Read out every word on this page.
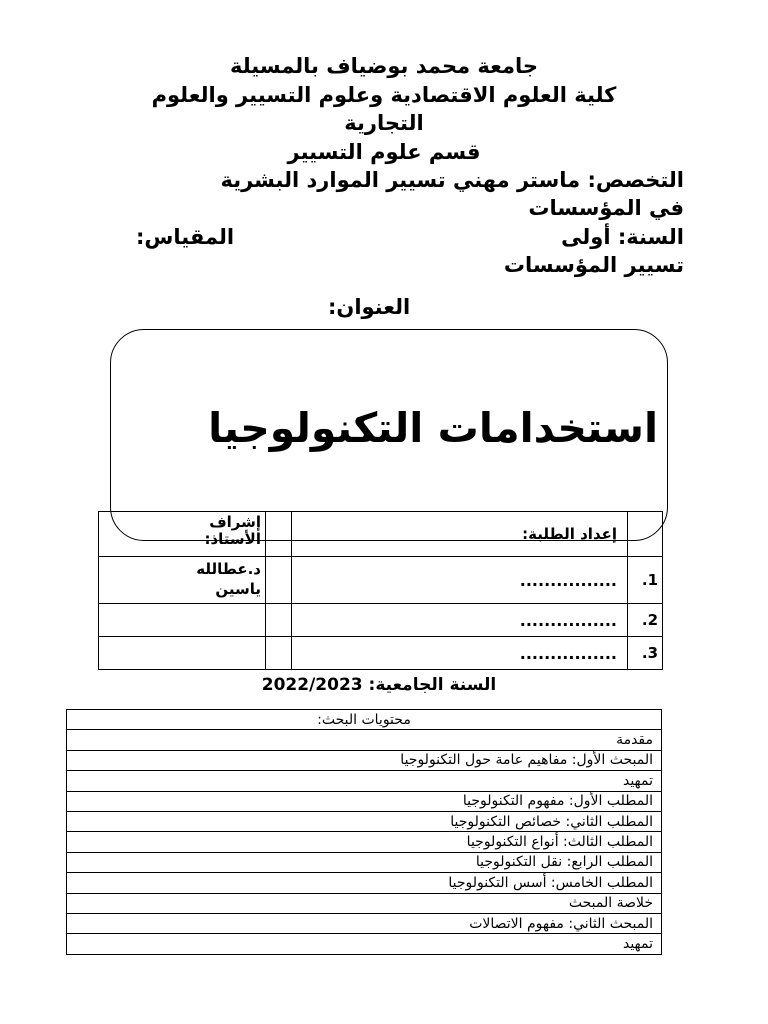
جامعة محمد بوضياف بالمسيلة
كلية العلوم الاقتصادية وعلوم التسيير والعلوم
التجارية
قسم علوم التسيير
التخصص: ماستر مهني تسيير الموارد البشرية
في المؤسسات
السنة: أولى
المقياس:
تسيير المؤسسات
العنوان:
استخدامات التكنولوجيا
إشراف
الأستاذ:		إعداد الطلبة:	

د.عطالله
ياسين		................	1.
		................	2.
		................	3.
السنة الجامعية: 2022/2023
محتويات البحث:
مقدمة
المبحث الأول: مفاهيم عامة حول التكنولوجيا
تمهيد
المطلب الأول: مفهوم التكنولوجيا
المطلب الثاني: خصائص التكنولوجيا
المطلب الثالث: أنواع التكنولوجيا
المطلب الرابع: نقل التكنولوجيا
المطلب الخامس: أسس التكنولوجيا
خلاصة المبحث
المبحث الثاني: مفهوم الاتصالات
تمهيد
